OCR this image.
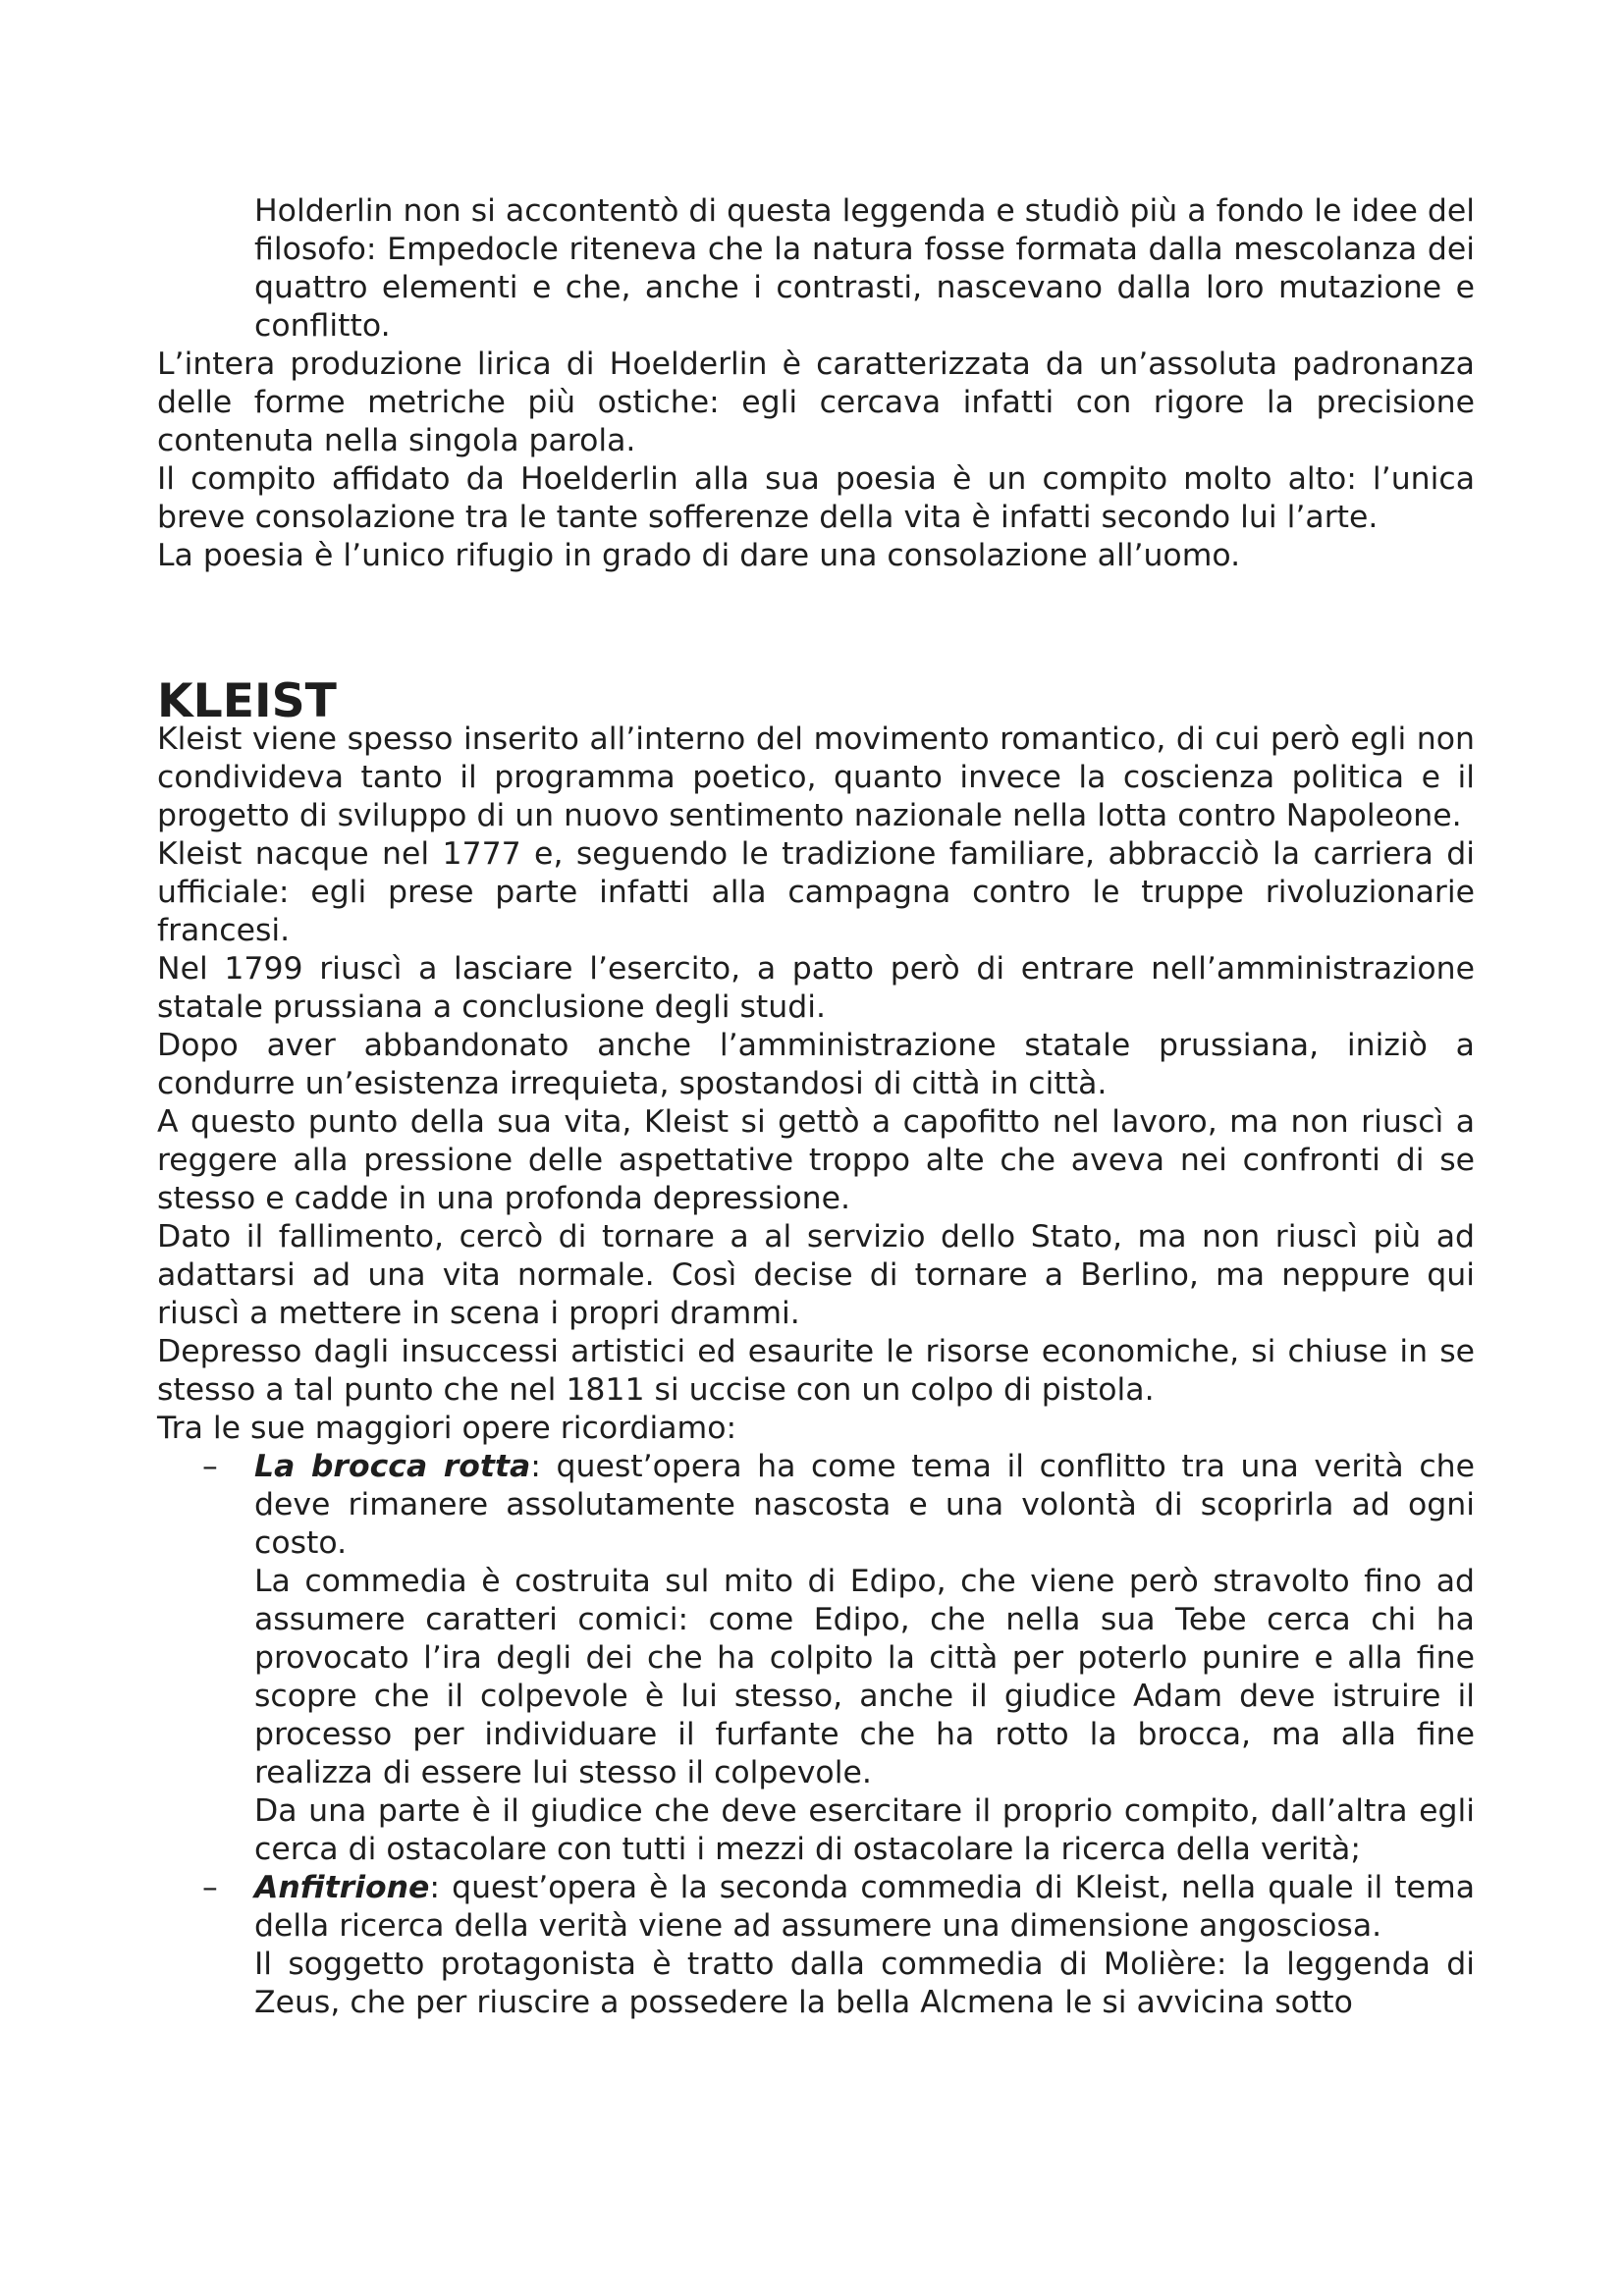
Holderlin non si accontentò di questa leggenda e studiò più a fondo le idee del filosofo: Empedocle riteneva che la natura fosse formata dalla mescolanza dei quattro elementi e che, anche i contrasti, nascevano dalla loro mutazione e conflitto.

L’intera produzione lirica di Hoelderlin è caratterizzata da un’assoluta padronanza delle forme metriche più ostiche: egli cercava infatti con rigore la precisione contenuta nella singola parola.

Il compito affidato da Hoelderlin alla sua poesia è un compito molto alto: l’unica breve consolazione tra le tante sofferenze della vita è infatti secondo lui l’arte.

La poesia è l’unico rifugio in grado di dare una consolazione all’uomo.

KLEIST

Kleist viene spesso inserito all’interno del movimento romantico, di cui però egli non condivideva tanto il programma poetico, quanto invece la coscienza politica e il progetto di sviluppo di un nuovo sentimento nazionale nella lotta contro Napoleone.

Kleist nacque nel 1777 e, seguendo le tradizione familiare, abbracciò la carriera di ufficiale: egli prese parte infatti alla campagna contro le truppe rivoluzionarie francesi.

Nel 1799 riuscì a lasciare l’esercito, a patto però di entrare nell’amministrazione statale prussiana a conclusione degli studi.

Dopo aver abbandonato anche l’amministrazione statale prussiana, iniziò a condurre un’esistenza irrequieta, spostandosi di città in città.

A questo punto della sua vita, Kleist si gettò a capofitto nel lavoro, ma non riuscì a reggere alla pressione delle aspettative troppo alte che aveva nei confronti di se stesso e cadde in una profonda depressione.

Dato il fallimento, cercò di tornare a al servizio dello Stato, ma non riuscì più ad adattarsi ad una vita normale. Così decise di tornare a Berlino, ma neppure qui riuscì a mettere in scena i propri drammi.

Depresso dagli insuccessi artistici ed esaurite le risorse economiche, si chiuse in se stesso a tal punto che nel 1811 si uccise con un colpo di pistola.

Tra le sue maggiori opere ricordiamo:

– La brocca rotta: quest’opera ha come tema il conflitto tra una verità che deve rimanere assolutamente nascosta e una volontà di scoprirla ad ogni costo.

La commedia è costruita sul mito di Edipo, che viene però stravolto fino ad assumere caratteri comici: come Edipo, che nella sua Tebe cerca chi ha provocato l’ira degli dei che ha colpito la città per poterlo punire e alla fine scopre che il colpevole è lui stesso, anche il giudice Adam deve istruire il processo per individuare il furfante che ha rotto la brocca, ma alla fine realizza di essere lui stesso il colpevole.

Da una parte è il giudice che deve esercitare il proprio compito, dall’altra egli cerca di ostacolare con tutti i mezzi di ostacolare la ricerca della verità;

– Anfitrione: quest’opera è la seconda commedia di Kleist, nella quale il tema della ricerca della verità viene ad assumere una dimensione angosciosa.

Il soggetto protagonista è tratto dalla commedia di Molière: la leggenda di Zeus, che per riuscire a possedere la bella Alcmena le si avvicina sotto
